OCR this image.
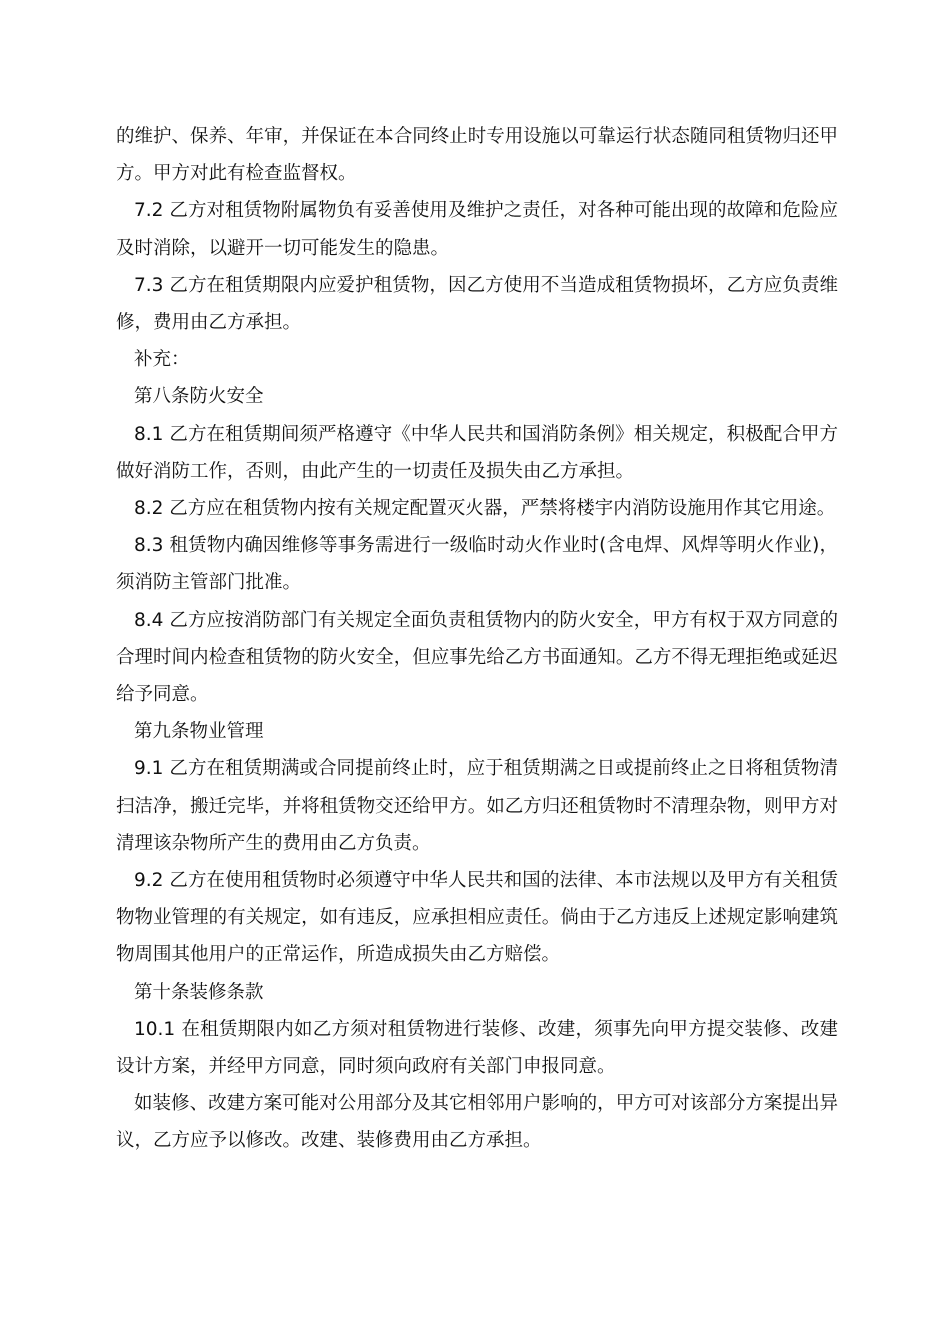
的维护、保养、年审，并保证在本合同终止时专用设施以可靠运行状态随同租赁物归还甲方。甲方对此有检查监督权。

7.2 乙方对租赁物附属物负有妥善使用及维护之责任，对各种可能出现的故障和危险应及时消除，以避开一切可能发生的隐患。

7.3 乙方在租赁期限内应爱护租赁物，因乙方使用不当造成租赁物损坏，乙方应负责维修，费用由乙方承担。

补充：

第八条防火安全

8.1 乙方在租赁期间须严格遵守《中华人民共和国消防条例》相关规定，积极配合甲方做好消防工作，否则，由此产生的一切责任及损失由乙方承担。

8.2 乙方应在租赁物内按有关规定配置灭火器，严禁将楼宇内消防设施用作其它用途。

8.3 租赁物内确因维修等事务需进行一级临时动火作业时(含电焊、风焊等明火作业)，须消防主管部门批准。

8.4 乙方应按消防部门有关规定全面负责租赁物内的防火安全，甲方有权于双方同意的合理时间内检查租赁物的防火安全，但应事先给乙方书面通知。乙方不得无理拒绝或延迟给予同意。

第九条物业管理

9.1 乙方在租赁期满或合同提前终止时，应于租赁期满之日或提前终止之日将租赁物清扫洁净，搬迁完毕，并将租赁物交还给甲方。如乙方归还租赁物时不清理杂物，则甲方对清理该杂物所产生的费用由乙方负责。

9.2 乙方在使用租赁物时必须遵守中华人民共和国的法律、本市法规以及甲方有关租赁物物业管理的有关规定，如有违反，应承担相应责任。倘由于乙方违反上述规定影响建筑物周围其他用户的正常运作，所造成损失由乙方赔偿。

第十条装修条款

10.1 在租赁期限内如乙方须对租赁物进行装修、改建，须事先向甲方提交装修、改建设计方案，并经甲方同意，同时须向政府有关部门申报同意。

如装修、改建方案可能对公用部分及其它相邻用户影响的，甲方可对该部分方案提出异议，乙方应予以修改。改建、装修费用由乙方承担。
